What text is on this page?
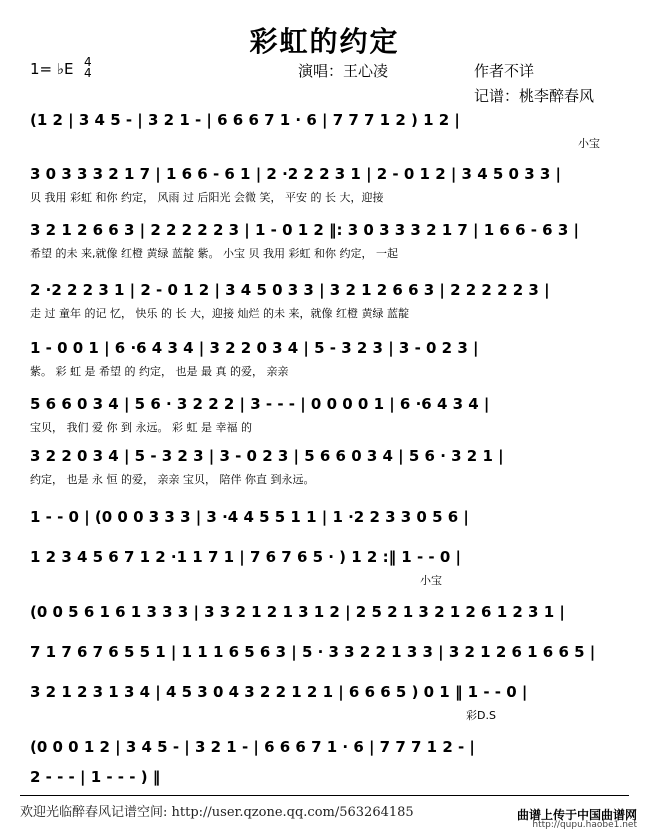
彩虹的约定
1= ♭E 4
4	演唱：王心凌	作者不详
记谱：桃李醉春风
(1 2 | 3 4 5 - | 3 2 1 - | 6 6 6 7 1 · 6 | 7 7 7 1 2 ) 1 2 |
小宝
3 0 3 3 3 2 1 7 | 1 6 6 - 6 1 | 2 ·2 2 2 3 1 | 2 - 0 1 2 | 3 4 5 0 3 3 |
贝 我用 彩虹 和你 约定， 风雨 过 后阳光 会微 笑， 平安 的 长 大，迎接
3 2 1 2 6 6 3 | 2 2 2 2 2 3 | 1 - 0 1 2 ‖: 3 0 3 3 3 2 1 7 | 1 6 6 - 6 3 |
希望 的未 来,就像 红橙 黄绿 蓝靛 紫。 小宝 贝 我用 彩虹 和你 约定， 一起
2 ·2 2 2 3 1 | 2 - 0 1 2 | 3 4 5 0 3 3 | 3 2 1 2 6 6 3 | 2 2 2 2 2 3 |
走 过 童年 的记 忆， 快乐 的 长 大，迎接 灿烂 的未 来，就像 红橙 黄绿 蓝靛
1 - 0 0 1 | 6 ·6 4 3 4 | 3 2 2 0 3 4 | 5 - 3 2 3 | 3 - 0 2 3 |
紫。 彩 虹 是 希望 的 约定， 也是 最 真 的爱， 亲亲
5 6 6 0 3 4 | 5 6 · 3 2 2 2 | 3 - - - | 0 0 0 0 1 | 6 ·6 4 3 4 |
宝贝， 我们 爱 你 到 永远。 彩 虹 是 幸福 的
3 2 2 0 3 4 | 5 - 3 2 3 | 3 - 0 2 3 | 5 6 6 0 3 4 | 5 6 · 3 2 1 |
约定， 也是 永 恒 的爱， 亲亲 宝贝， 陪伴 你直 到永远。
1 - - 0 | (0 0 0 3 3 3 | 3 ·4 4 5 5 1 1 | 1 ·2 2 3 3 0 5 6 |
1 2 3 4 5 6 7 1 2 ·1 1 7 1 | 7 6 7 6 5 · ) 1 2 :‖ 1 - - 0 |
小宝
(0 0 5 6 1 6 1 3 3 3 | 3 3 2 1 2 1 3 1 2 | 2 5 2 1 3 2 1 2 6 1 2 3 1 |
7 1 7 6 7 6 5 5 1 | 1 1 1 6 5 6 3 | 5 · 3 3 2 2 1 3 3 | 3 2 1 2 6 1 6 6 5 |
3 2 1 2 3 1 3 4 | 4 5 3 0 4 3 2 2 1 2 1 | 6 6 6 5 ) 0 1 ‖ 1 - - 0 |
彩D.S
(0 0 0 1 2 | 3 4 5 - | 3 2 1 - | 6 6 6 7 1 · 6 | 7 7 7 1 2 - |
2 - - - | 1 - - - ) ‖
欢迎光临醉春风记谱空间: http://user.qzone.qq.com/563264185	曲谱上传于中国曲谱网
http://qupu.haobe1.net
